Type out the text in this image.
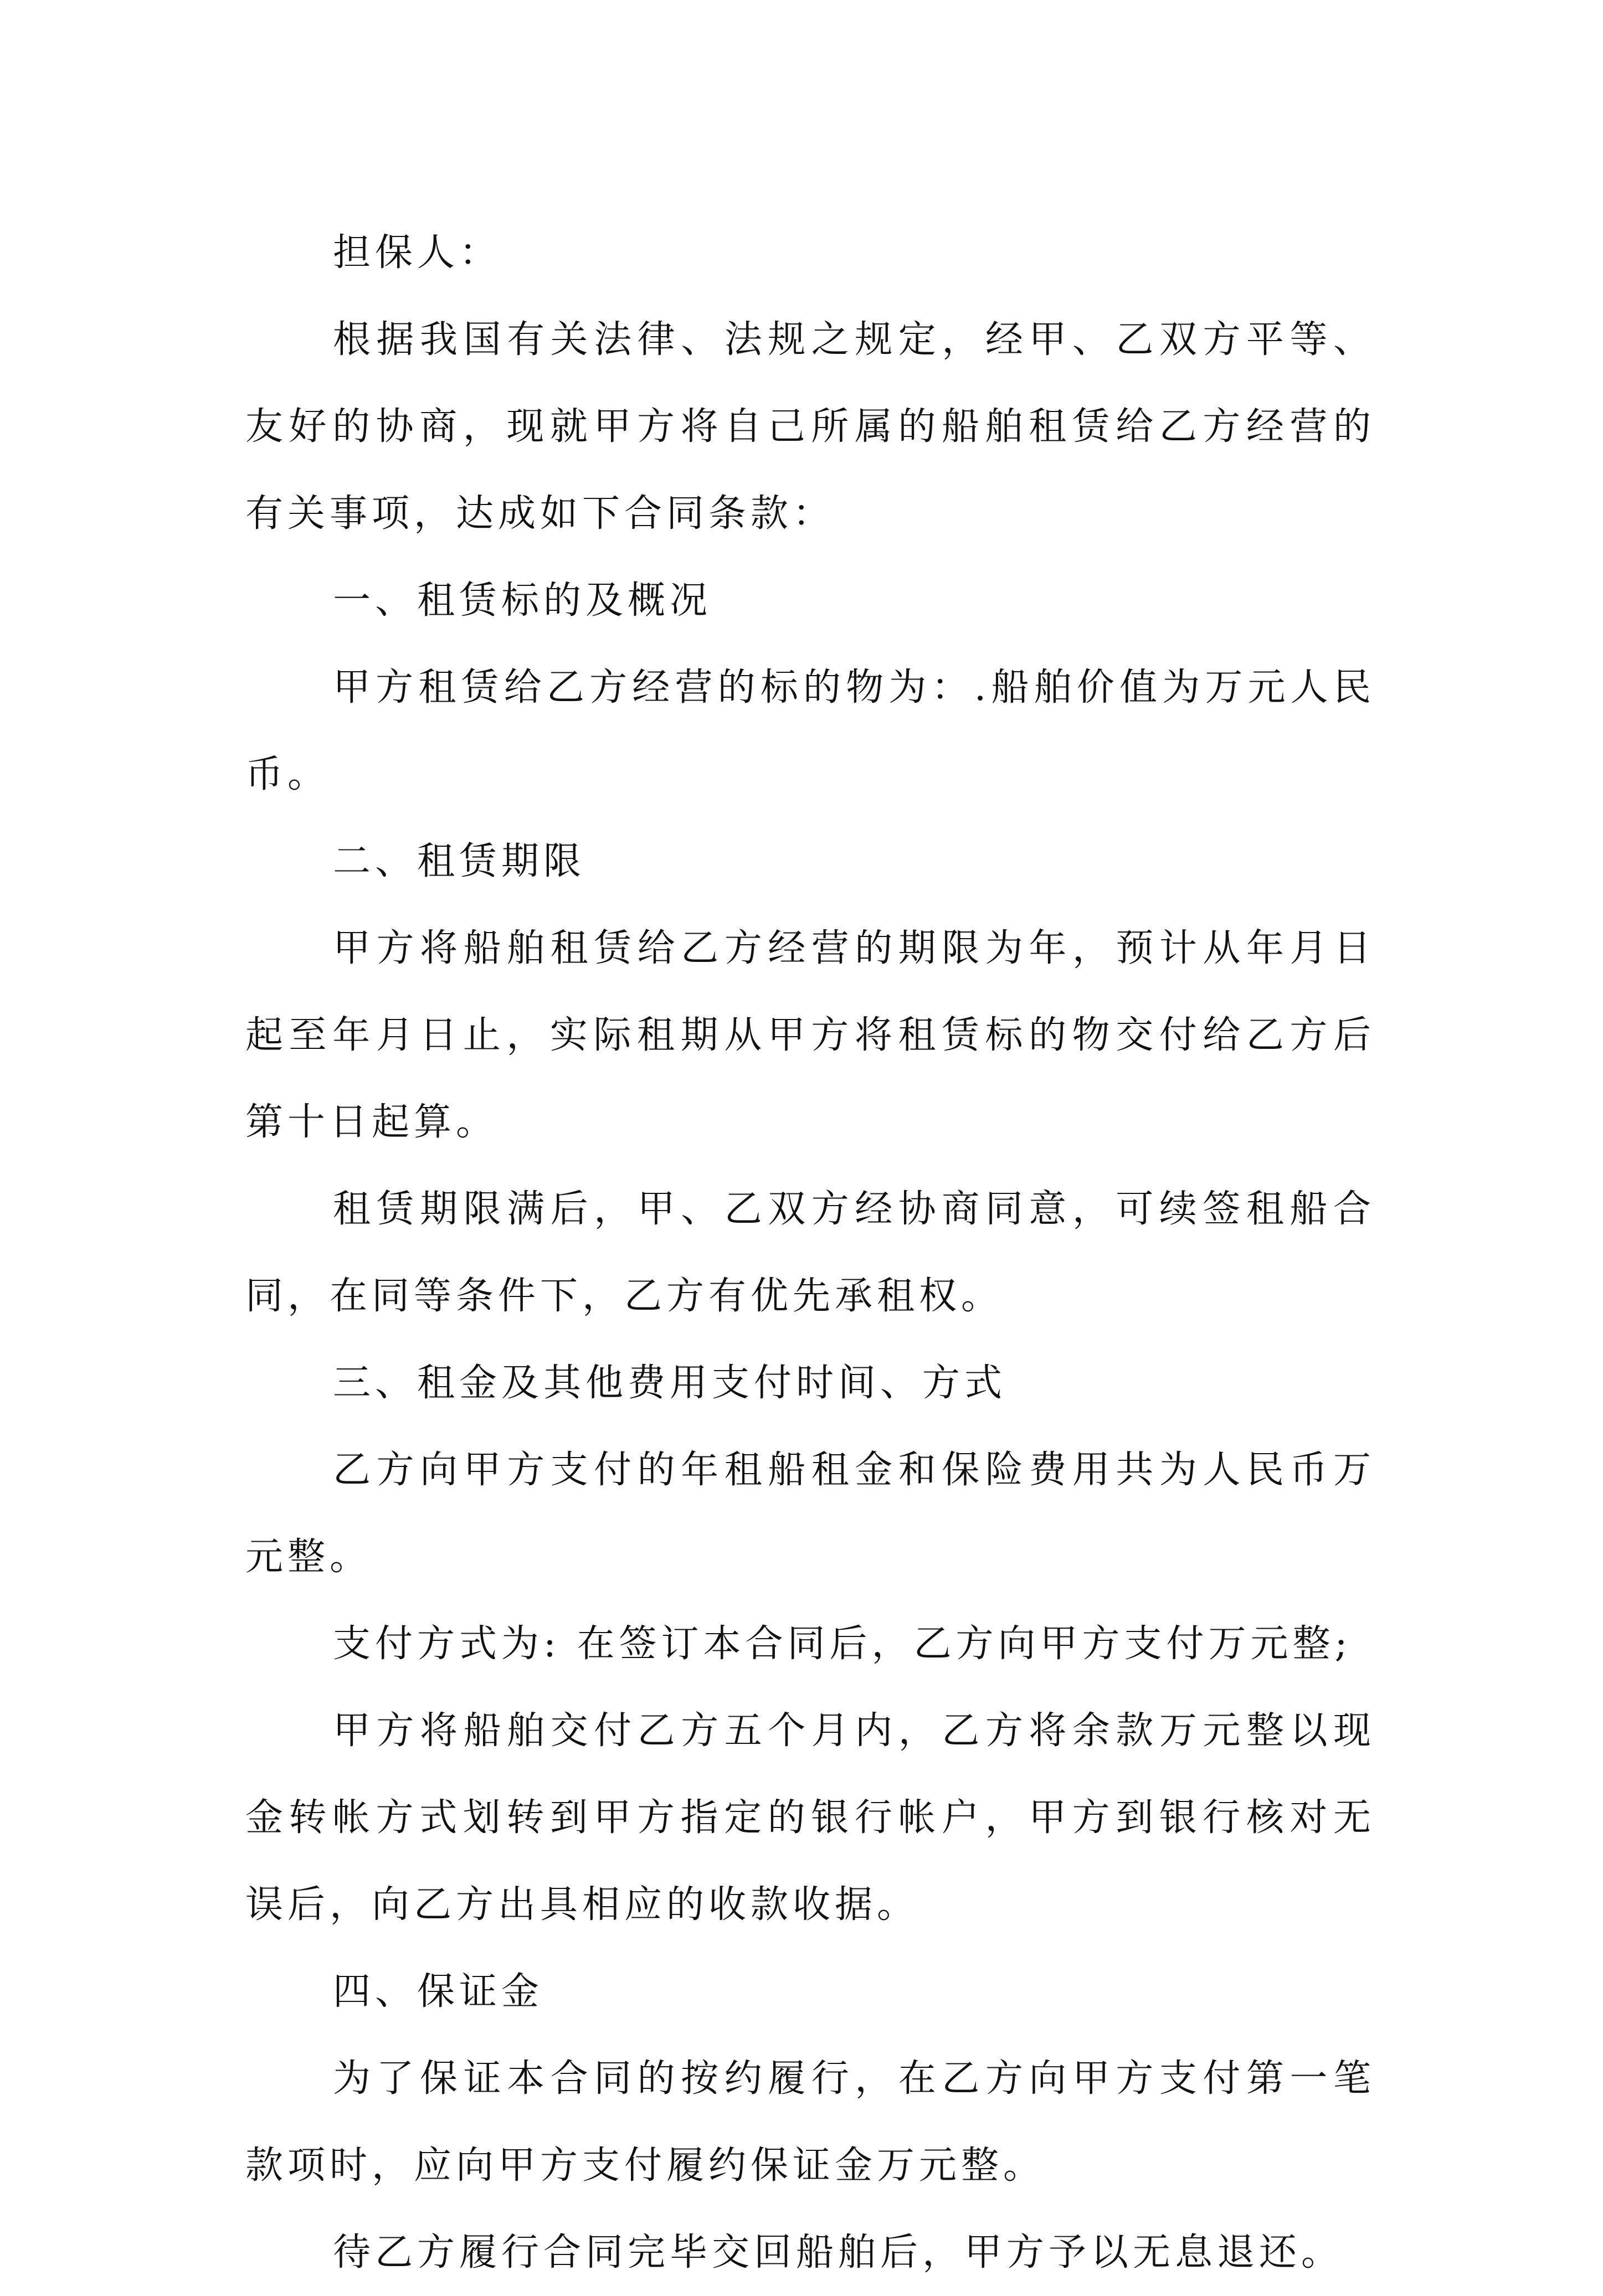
担保人：

根据我国有关法律、法规之规定，经甲、乙双方平等、友好的协商，现就甲方将自己所属的船舶租赁给乙方经营的有关事项，达成如下合同条款：

一、租赁标的及概况

甲方租赁给乙方经营的标的物为：.船舶价值为万元人民币。

二、租赁期限

甲方将船舶租赁给乙方经营的期限为年，预计从年月日起至年月日止，实际租期从甲方将租赁标的物交付给乙方后第十日起算。

租赁期限满后，甲、乙双方经协商同意，可续签租船合同，在同等条件下，乙方有优先承租权。

三、租金及其他费用支付时间、方式

乙方向甲方支付的年租船租金和保险费用共为人民币万元整。

支付方式为: 在签订本合同后，乙方向甲方支付万元整;

甲方将船舶交付乙方五个月内，乙方将余款万元整以现金转帐方式划转到甲方指定的银行帐户，甲方到银行核对无误后，向乙方出具相应的收款收据。

四、保证金

为了保证本合同的按约履行，在乙方向甲方支付第一笔款项时，应向甲方支付履约保证金万元整。

待乙方履行合同完毕交回船舶后，甲方予以无息退还。
